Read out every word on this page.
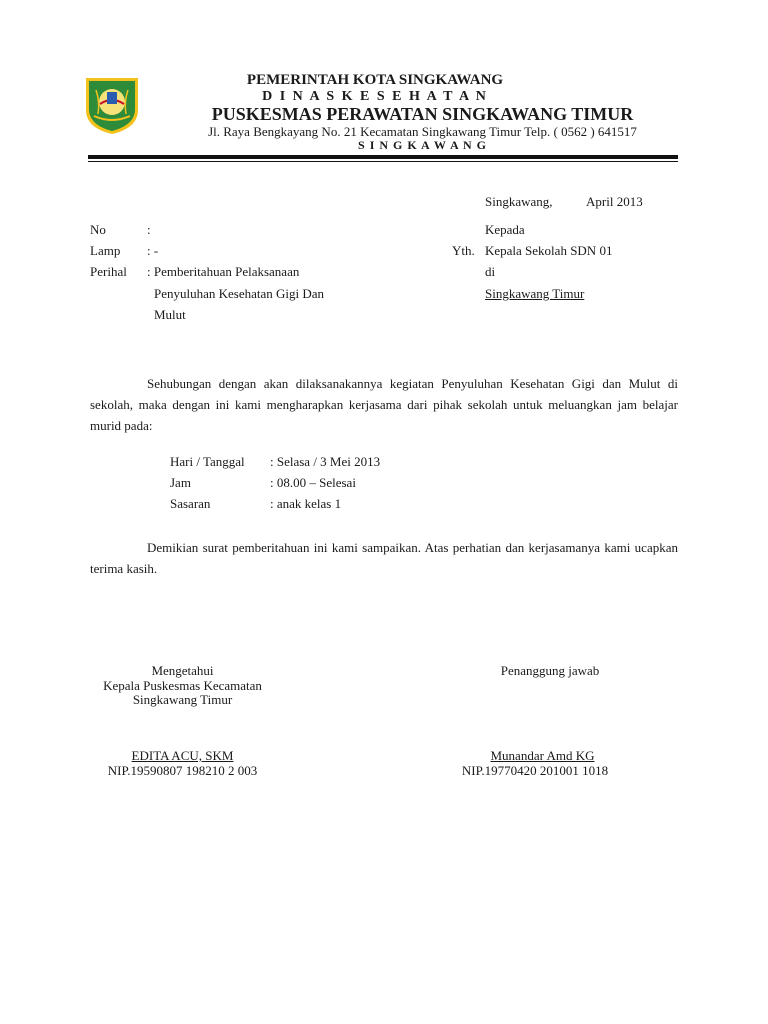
PEMERINTAH KOTA SINGKAWANG
D I N A S K E S E H A T A N
PUSKESMAS PERAWATAN SINGKAWANG TIMUR
Jl. Raya Bengkayang No. 21 Kecamatan Singkawang Timur Telp. ( 0562 ) 641517
S I N G K A W A N G
Singkawang,	April 2013
No	:
Lamp : -
Perihal : Pemberitahuan Pelaksanaan
Penyuluhan Kesehatan Gigi Dan
Mulut
Kepada
Yth. Kepala Sekolah SDN 01
di
Singkawang Timur
Sehubungan dengan akan dilaksanakannya kegiatan Penyuluhan Kesehatan Gigi dan Mulut di sekolah, maka dengan ini kami mengharapkan kerjasama dari pihak sekolah untuk meluangkan jam belajar murid pada:
Hari / Tanggal : Selasa / 3 Mei 2013
Jam	: 08.00 – Selesai
Sasaran	: anak kelas 1
Demikian surat pemberitahuan ini kami sampaikan. Atas perhatian dan kerjasamanya kami ucapkan terima kasih.
Mengetahui
Kepala Puskesmas Kecamatan
Singkawang Timur
EDITA ACU, SKM
NIP.19590807 198210 2 003
Penanggung jawab
Munandar Amd KG
NIP.19770420 201001 1018
